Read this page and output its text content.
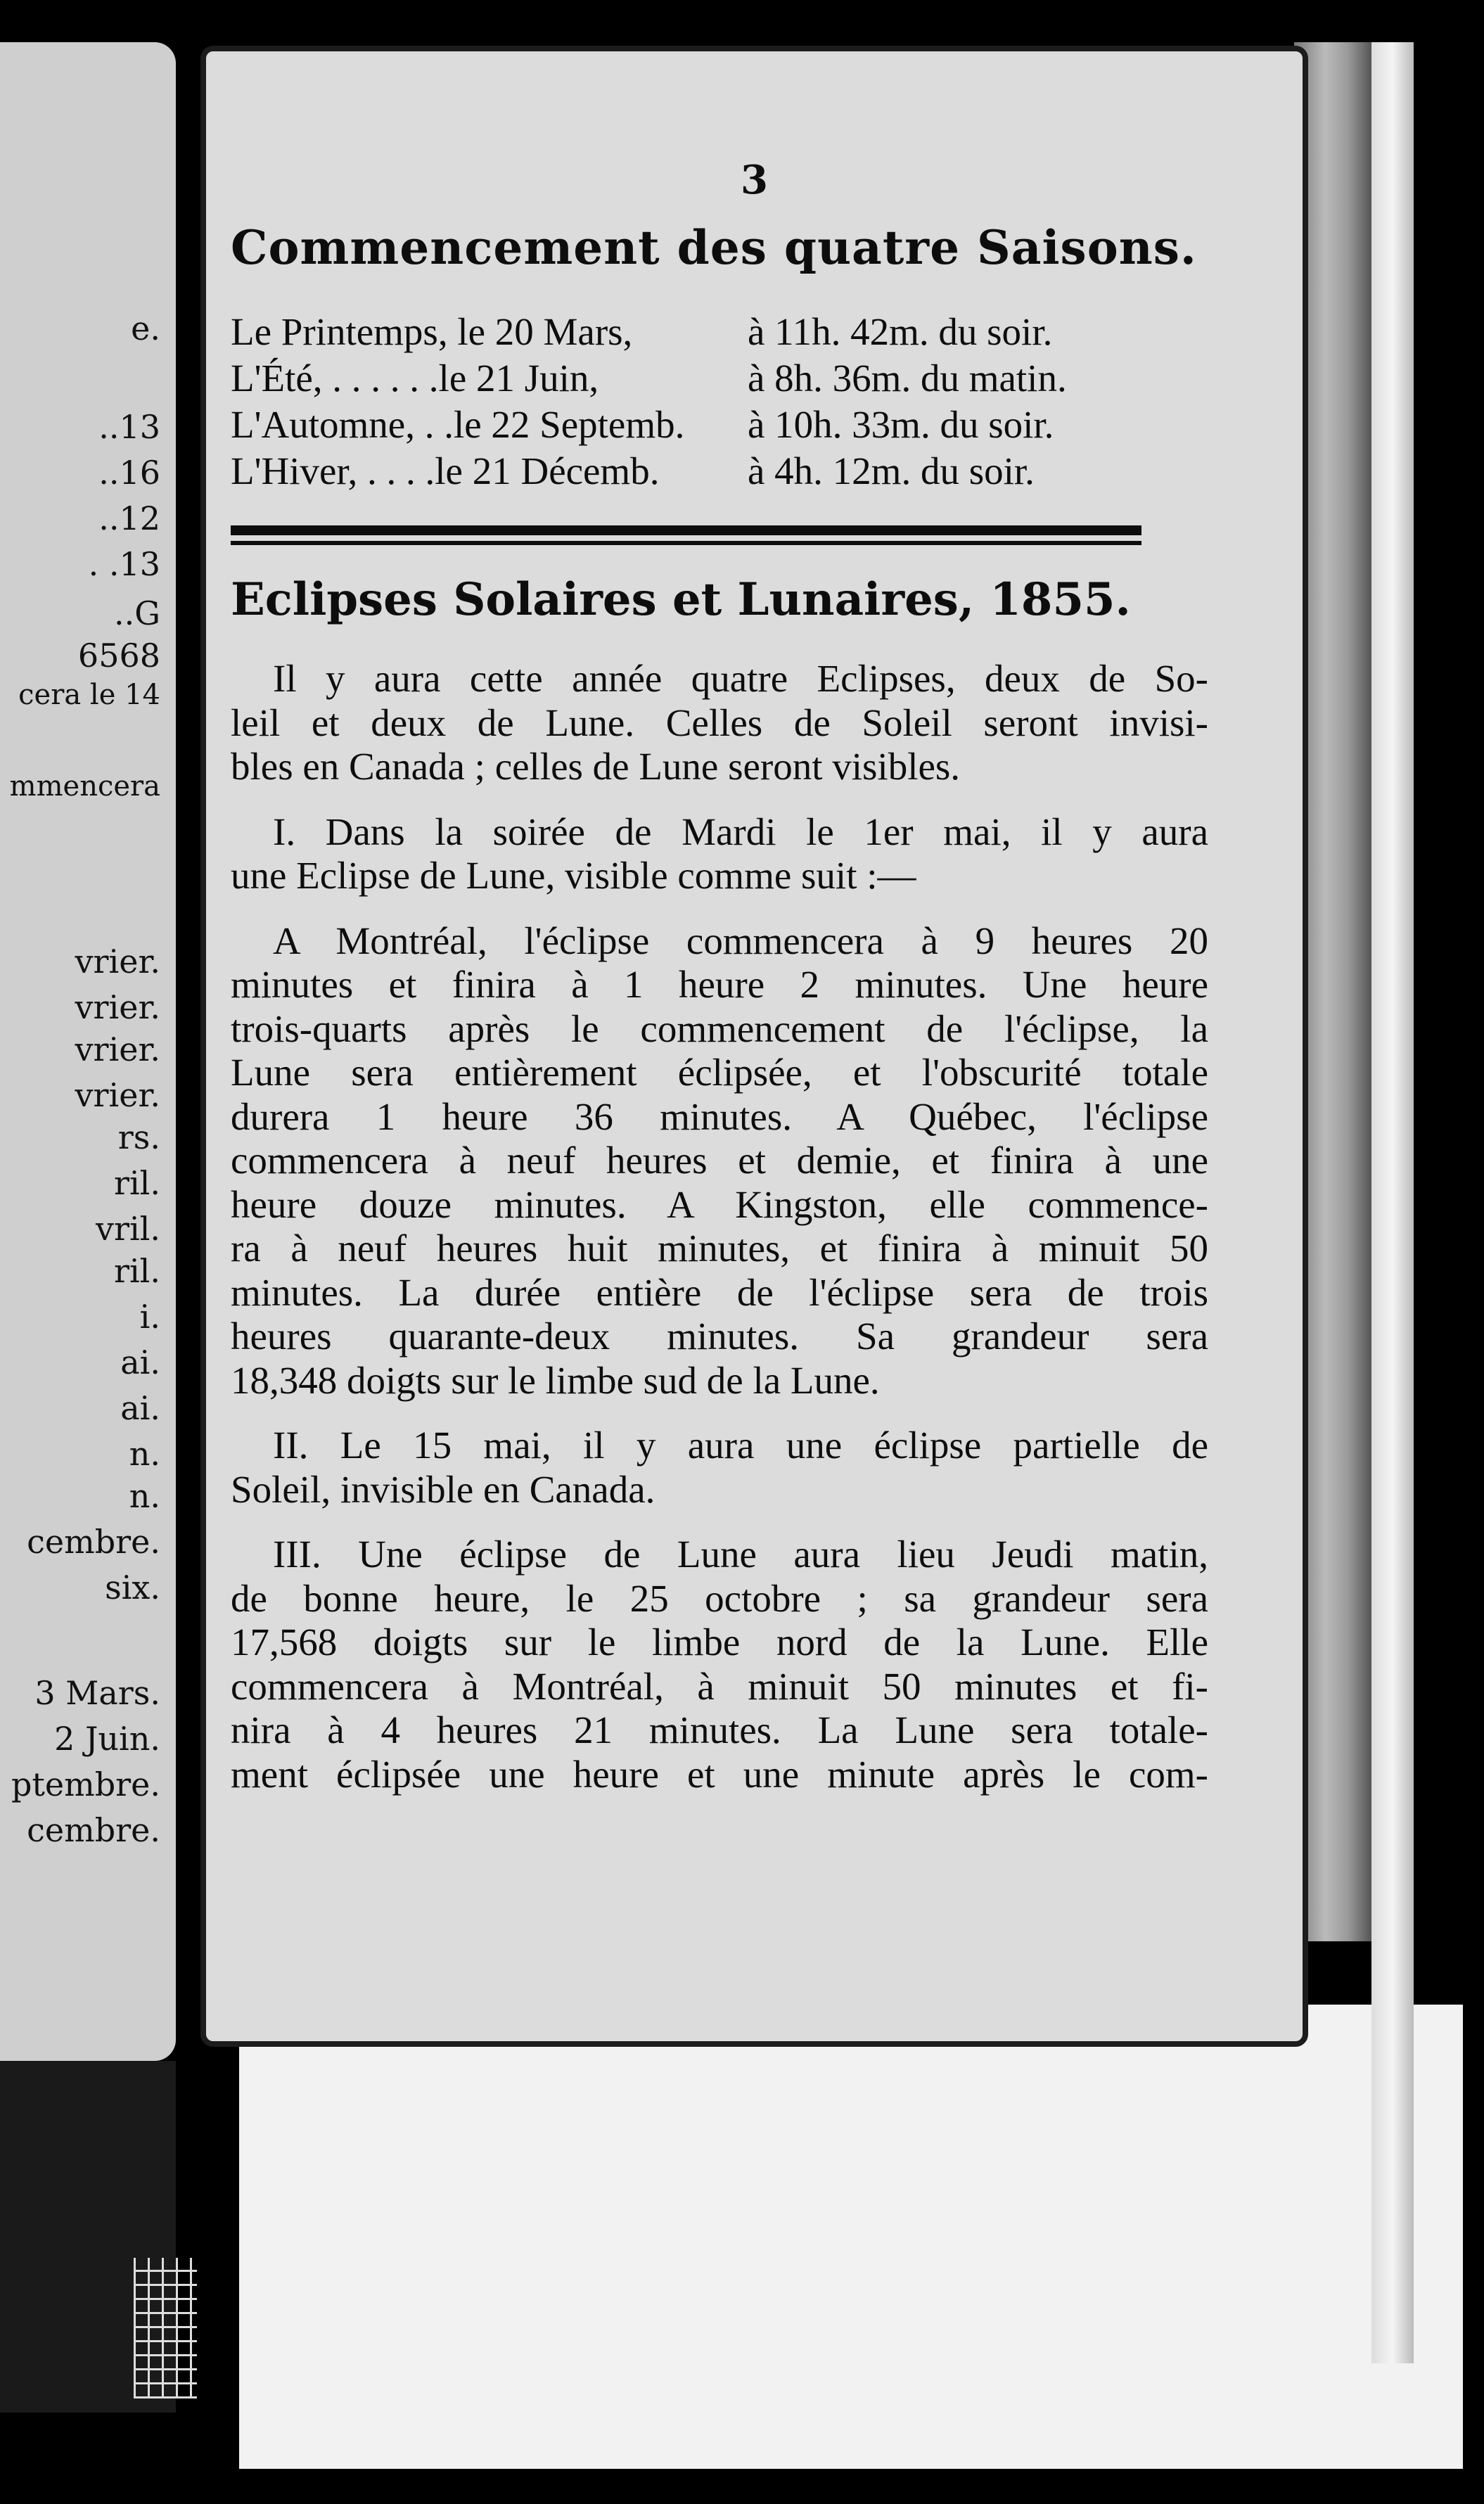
e.
..13
..16
..12
. .13
..G
6568
cera le 14
mmencera
vrier.
vrier.
vrier.
vrier.
rs.
ril.
vril.
ril.
i.
ai.
ai.
n.
n.
cembre.
six.
3 Mars.
2 Juin.
ptembre.
cembre.
3
Commencement des quatre Saisons.
Le Printemps, le 20 Mars,	à 11h. 42m. du soir.
L'Été, . . . . . .le 21 Juin,	à 8h. 36m. du matin.
L'Automne, . .le 22 Septemb.	à 10h. 33m. du soir.
L'Hiver, . . . .le 21 Décemb.	à 4h. 12m. du soir.
Eclipses Solaires et Lunaires, 1855.
Il y aura cette année quatre Eclipses, deux de So-
leil et deux de Lune. Celles de Soleil seront invisi-
bles en Canada ; celles de Lune seront visibles.
I. Dans la soirée de Mardi le 1er mai, il y aura
une Eclipse de Lune, visible comme suit :—
A Montréal, l'éclipse commencera à 9 heures 20
minutes et finira à 1 heure 2 minutes. Une heure
trois-quarts après le commencement de l'éclipse, la
Lune sera entièrement éclipsée, et l'obscurité totale
durera 1 heure 36 minutes. A Québec, l'éclipse
commencera à neuf heures et demie, et finira à une
heure douze minutes. A Kingston, elle commence-
ra à neuf heures huit minutes, et finira à minuit 50
minutes. La durée entière de l'éclipse sera de trois
heures quarante-deux minutes. Sa grandeur sera
18,348 doigts sur le limbe sud de la Lune.
II. Le 15 mai, il y aura une éclipse partielle de
Soleil, invisible en Canada.
III. Une éclipse de Lune aura lieu Jeudi matin,
de bonne heure, le 25 octobre ; sa grandeur sera
17,568 doigts sur le limbe nord de la Lune. Elle
commencera à Montréal, à minuit 50 minutes et fi-
nira à 4 heures 21 minutes. La Lune sera totale-
ment éclipsée une heure et une minute après le com-
